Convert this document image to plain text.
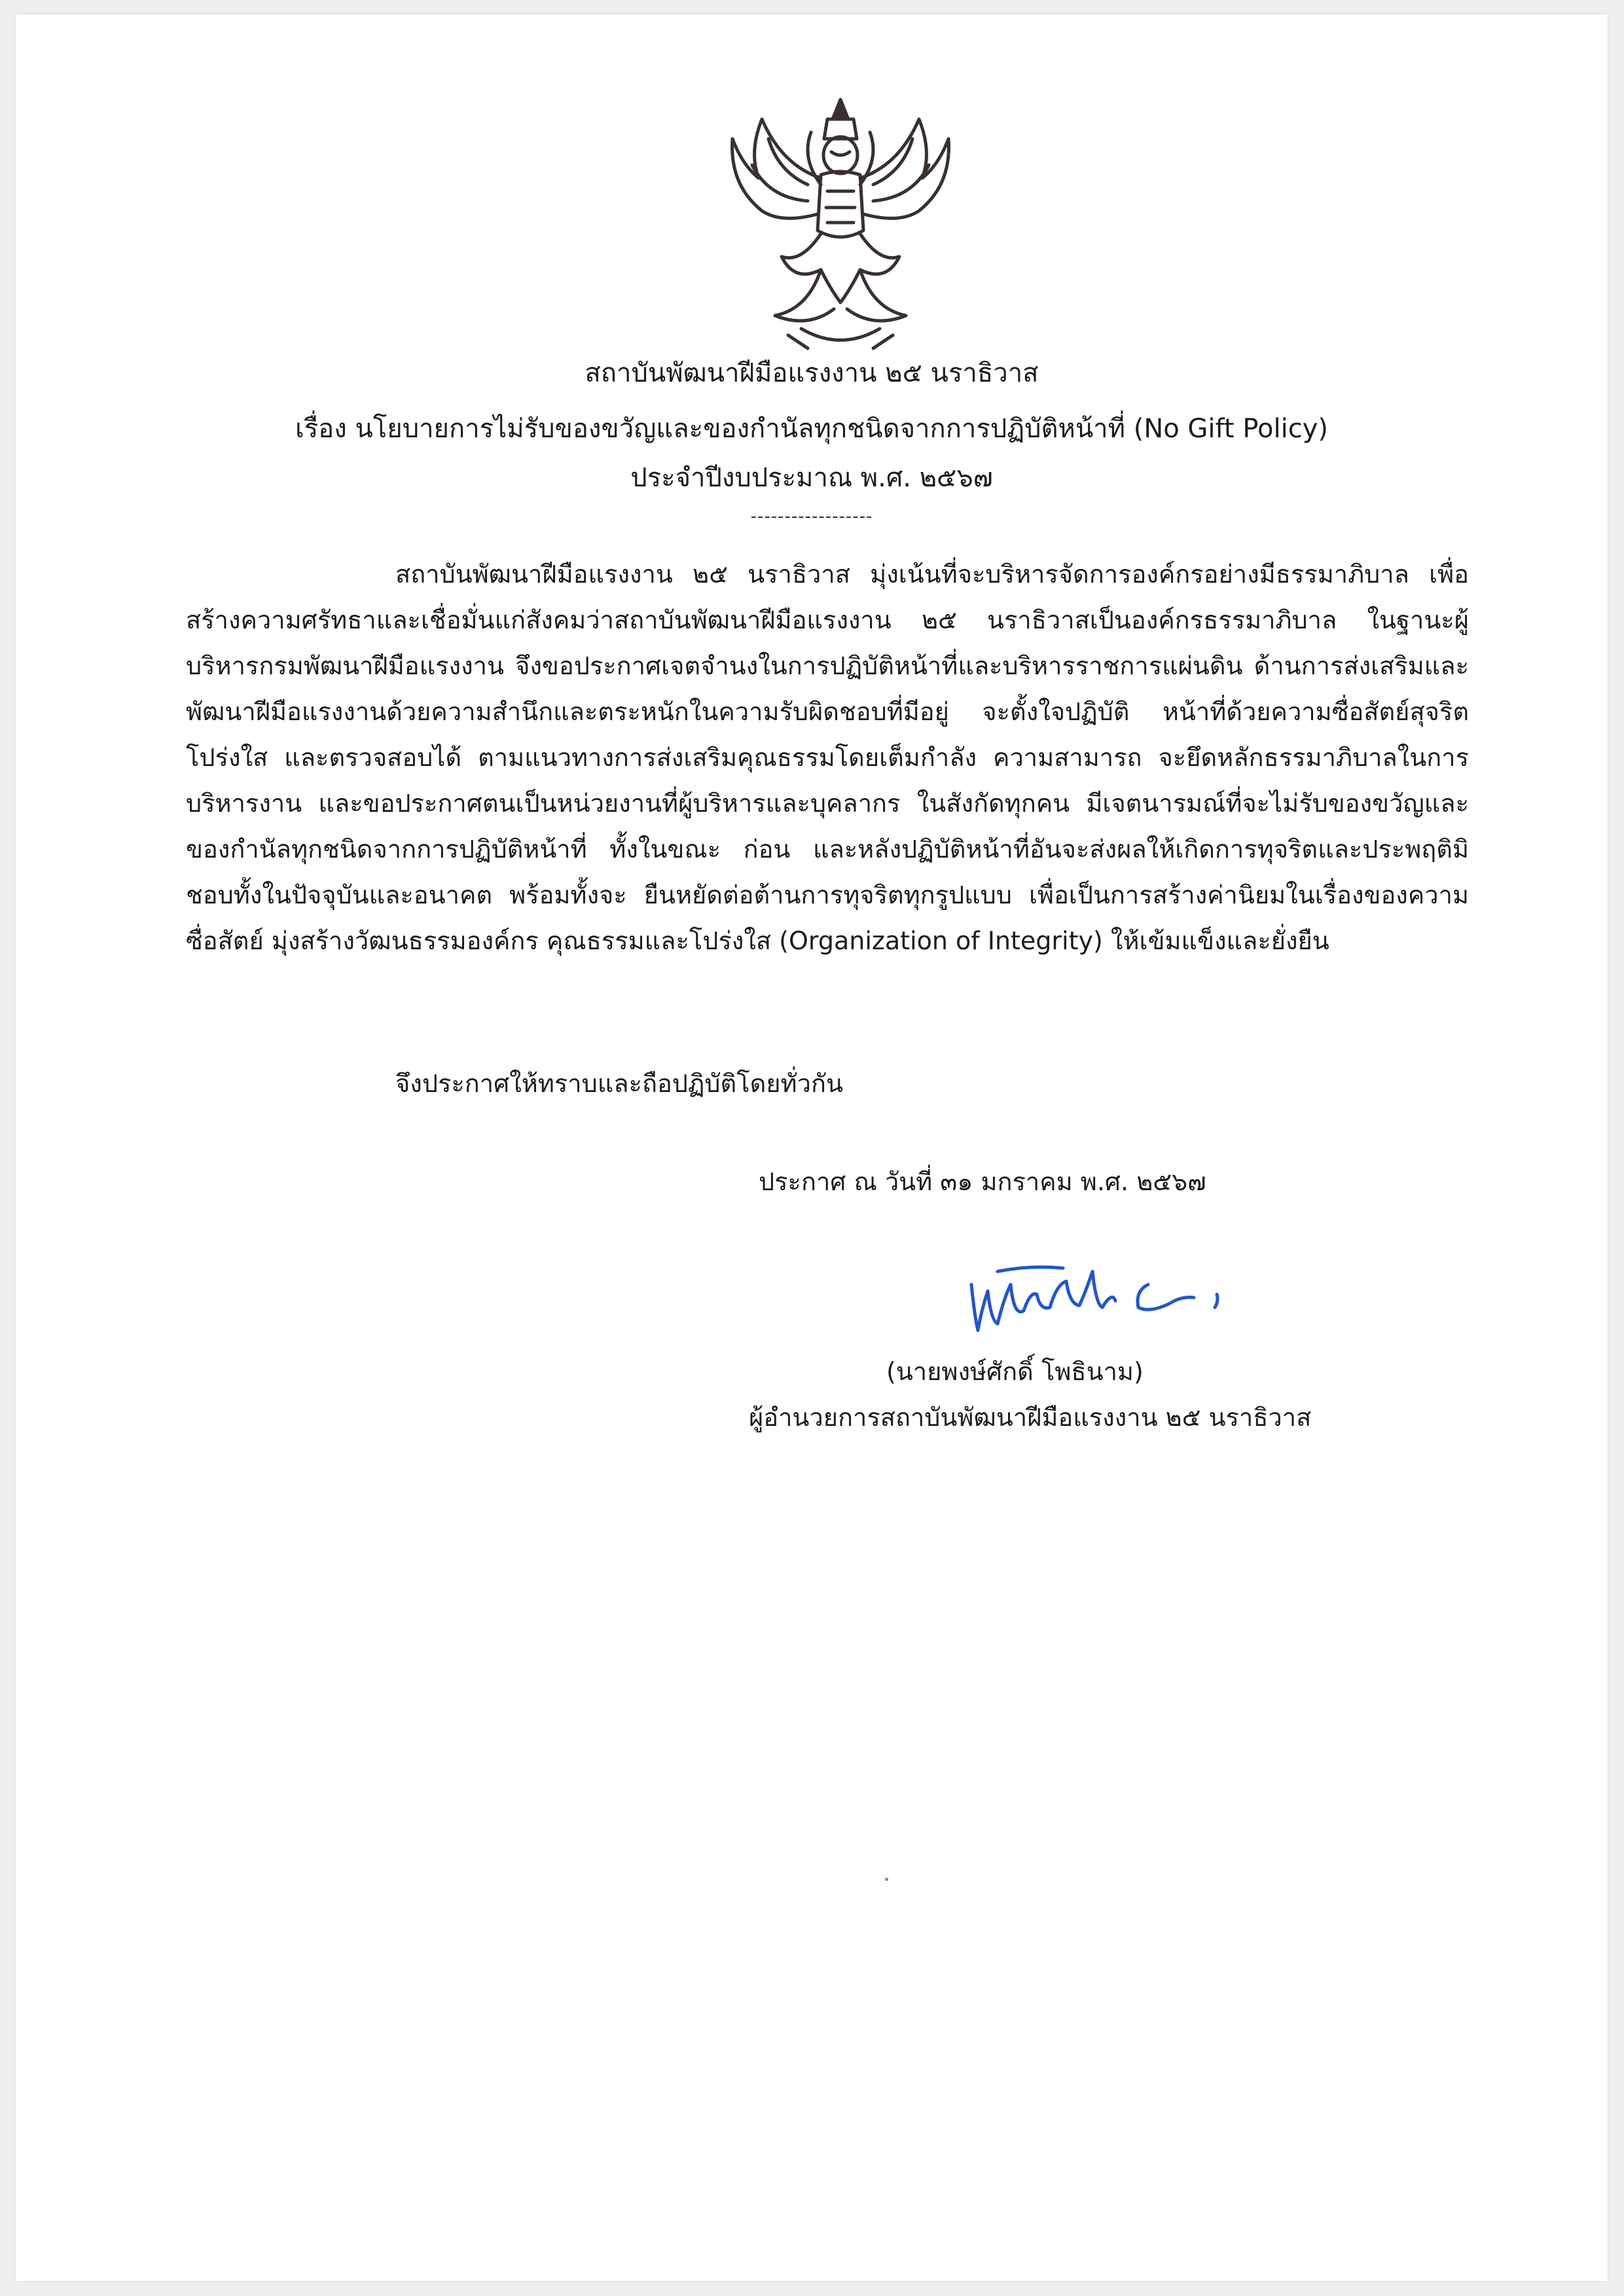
สถาบันพัฒนาฝีมือแรงงาน ๒๕ นราธิวาส
เรื่อง นโยบายการไม่รับของขวัญและของกำนัลทุกชนิดจากการปฏิบัติหน้าที่ (No Gift Policy)
ประจำปีงบประมาณ พ.ศ. ๒๕๖๗
------------------

สถาบันพัฒนาฝีมือแรงงาน ๒๕ นราธิวาส มุ่งเน้นที่จะบริหารจัดการองค์กรอย่างมีธรรมาภิบาล เพื่อสร้างความศรัทธาและเชื่อมั่นแก่สังคมว่าสถาบันพัฒนาฝีมือแรงงาน ๒๕ นราธิวาสเป็นองค์กรธรรมาภิบาล ในฐานะผู้บริหารกรมพัฒนาฝีมือแรงงาน จึงขอประกาศเจตจำนงในการปฏิบัติหน้าที่และบริหารราชการแผ่นดิน ด้านการส่งเสริมและพัฒนาฝีมือแรงงานด้วยความสำนึกและตระหนักในความรับผิดชอบที่มีอยู่ จะตั้งใจปฏิบัติ หน้าที่ด้วยความซื่อสัตย์สุจริต โปร่งใส และตรวจสอบได้ ตามแนวทางการส่งเสริมคุณธรรมโดยเต็มกำลัง ความสามารถ จะยึดหลักธรรมาภิบาลในการบริหารงาน และขอประกาศตนเป็นหน่วยงานที่ผู้บริหารและบุคลากร ในสังกัดทุกคน มีเจตนารมณ์ที่จะไม่รับของขวัญและของกำนัลทุกชนิดจากการปฏิบัติหน้าที่ ทั้งในขณะ ก่อน และหลังปฏิบัติหน้าที่อันจะส่งผลให้เกิดการทุจริตและประพฤติมิชอบทั้งในปัจจุบันและอนาคต พร้อมทั้งจะ ยืนหยัดต่อต้านการทุจริตทุกรูปแบบ เพื่อเป็นการสร้างค่านิยมในเรื่องของความซื่อสัตย์ มุ่งสร้างวัฒนธรรมองค์กร คุณธรรมและโปร่งใส (Organization of Integrity) ให้เข้มแข็งและยั่งยืน

จึงประกาศให้ทราบและถือปฏิบัติโดยทั่วกัน
ประกาศ ณ วันที่ ๓๑ มกราคม พ.ศ. ๒๕๖๗
(นายพงษ์ศักดิ์ โพธินาม)
ผู้อำนวยการสถาบันพัฒนาฝีมือแรงงาน ๒๕ นราธิวาส
